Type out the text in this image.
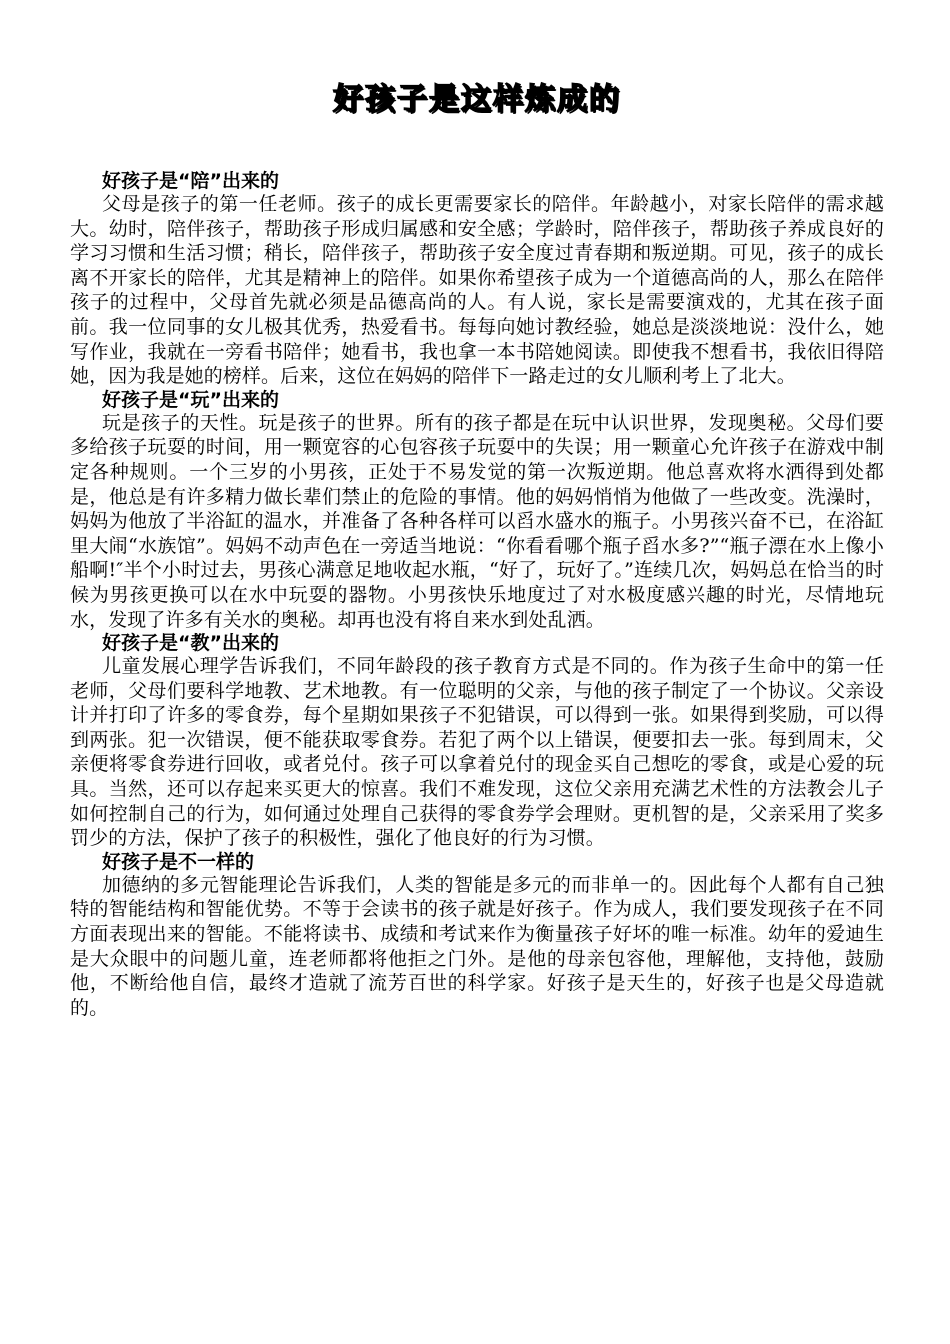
好孩子是这样炼成的
好孩子是“陪”出来的

父母是孩子的第一任老师。孩子的成长更需要家长的陪伴。年龄越小，对家长陪伴的需求越大。幼时，陪伴孩子，帮助孩子形成归属感和安全感；学龄时，陪伴孩子，帮助孩子养成良好的学习习惯和生活习惯；稍长，陪伴孩子，帮助孩子安全度过青春期和叛逆期。可见，孩子的成长离不开家长的陪伴，尤其是精神上的陪伴。如果你希望孩子成为一个道德高尚的人，那么在陪伴孩子的过程中，父母首先就必须是品德高尚的人。有人说，家长是需要演戏的，尤其在孩子面前。我一位同事的女儿极其优秀，热爱看书。每每向她讨教经验，她总是淡淡地说：没什么，她写作业，我就在一旁看书陪伴；她看书，我也拿一本书陪她阅读。即使我不想看书，我依旧得陪她，因为我是她的榜样。后来，这位在妈妈的陪伴下一路走过的女儿顺利考上了北大。

好孩子是“玩”出来的

玩是孩子的天性。玩是孩子的世界。所有的孩子都是在玩中认识世界，发现奥秘。父母们要多给孩子玩耍的时间，用一颗宽容的心包容孩子玩耍中的失误；用一颗童心允许孩子在游戏中制定各种规则。一个三岁的小男孩，正处于不易发觉的第一次叛逆期。他总喜欢将水洒得到处都是，他总是有许多精力做长辈们禁止的危险的事情。他的妈妈悄悄为他做了一些改变。洗澡时，妈妈为他放了半浴缸的温水，并准备了各种各样可以舀水盛水的瓶子。小男孩兴奋不已，在浴缸里大闹“水族馆”。妈妈不动声色在一旁适当地说：“你看看哪个瓶子舀水多?”“瓶子漂在水上像小船啊!″半个小时过去，男孩心满意足地收起水瓶，“好了，玩好了。”连续几次，妈妈总在恰当的时候为男孩更换可以在水中玩耍的器物。小男孩快乐地度过了对水极度感兴趣的时光，尽情地玩水，发现了许多有关水的奥秘。却再也没有将自来水到处乱洒。

好孩子是“教”出来的

儿童发展心理学告诉我们，不同年龄段的孩子教育方式是不同的。作为孩子生命中的第一任老师，父母们要科学地教、艺术地教。有一位聪明的父亲，与他的孩子制定了一个协议。父亲设计并打印了许多的零食券，每个星期如果孩子不犯错误，可以得到一张。如果得到奖励，可以得到两张。犯一次错误，便不能获取零食券。若犯了两个以上错误，便要扣去一张。每到周末，父亲便将零食券进行回收，或者兑付。孩子可以拿着兑付的现金买自己想吃的零食，或是心爱的玩具。当然，还可以存起来买更大的惊喜。我们不难发现，这位父亲用充满艺术性的方法教会儿子如何控制自己的行为，如何通过处理自己获得的零食券学会理财。更机智的是，父亲采用了奖多罚少的方法，保护了孩子的积极性，强化了他良好的行为习惯。

好孩子是不一样的

加德纳的多元智能理论告诉我们，人类的智能是多元的而非单一的。因此每个人都有自己独特的智能结构和智能优势。不等于会读书的孩子就是好孩子。作为成人，我们要发现孩子在不同方面表现出来的智能。不能将读书、成绩和考试来作为衡量孩子好坏的唯一标准。幼年的爱迪生是大众眼中的问题儿童，连老师都将他拒之门外。是他的母亲包容他，理解他，支持他，鼓励他，不断给他自信，最终才造就了流芳百世的科学家。好孩子是天生的，好孩子也是父母造就的。
